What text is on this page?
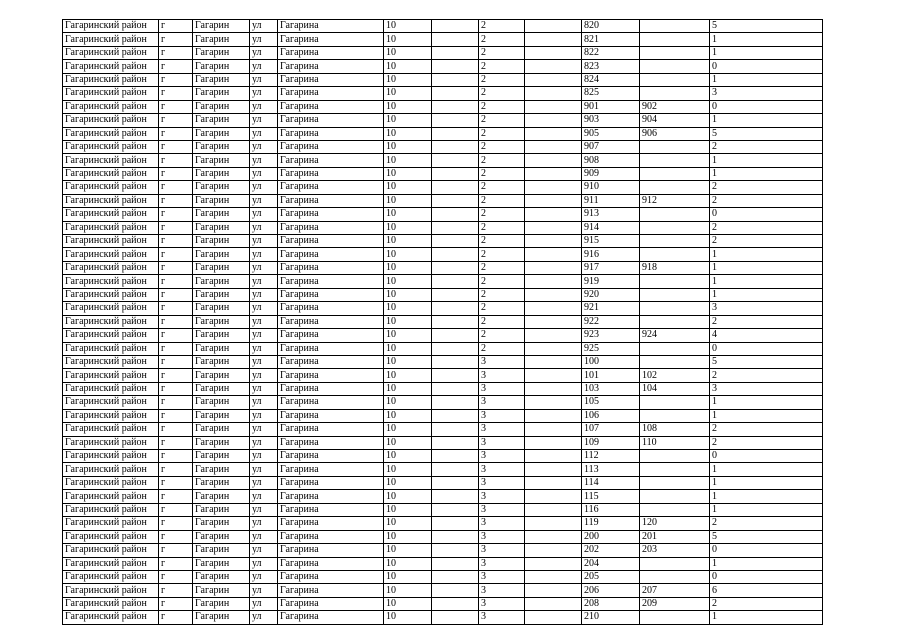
Гагаринский район	г	Гагарин	ул	Гагарина	10		2		820		5
Гагаринский район	г	Гагарин	ул	Гагарина	10		2		821		1
Гагаринский район	г	Гагарин	ул	Гагарина	10		2		822		1
Гагаринский район	г	Гагарин	ул	Гагарина	10		2		823		0
Гагаринский район	г	Гагарин	ул	Гагарина	10		2		824		1
Гагаринский район	г	Гагарин	ул	Гагарина	10		2		825		3
Гагаринский район	г	Гагарин	ул	Гагарина	10		2		901	902	0
Гагаринский район	г	Гагарин	ул	Гагарина	10		2		903	904	1
Гагаринский район	г	Гагарин	ул	Гагарина	10		2		905	906	5
Гагаринский район	г	Гагарин	ул	Гагарина	10		2		907		2
Гагаринский район	г	Гагарин	ул	Гагарина	10		2		908		1
Гагаринский район	г	Гагарин	ул	Гагарина	10		2		909		1
Гагаринский район	г	Гагарин	ул	Гагарина	10		2		910		2
Гагаринский район	г	Гагарин	ул	Гагарина	10		2		911	912	2
Гагаринский район	г	Гагарин	ул	Гагарина	10		2		913		0
Гагаринский район	г	Гагарин	ул	Гагарина	10		2		914		2
Гагаринский район	г	Гагарин	ул	Гагарина	10		2		915		2
Гагаринский район	г	Гагарин	ул	Гагарина	10		2		916		1
Гагаринский район	г	Гагарин	ул	Гагарина	10		2		917	918	1
Гагаринский район	г	Гагарин	ул	Гагарина	10		2		919		1
Гагаринский район	г	Гагарин	ул	Гагарина	10		2		920		1
Гагаринский район	г	Гагарин	ул	Гагарина	10		2		921		3
Гагаринский район	г	Гагарин	ул	Гагарина	10		2		922		2
Гагаринский район	г	Гагарин	ул	Гагарина	10		2		923	924	4
Гагаринский район	г	Гагарин	ул	Гагарина	10		2		925		0
Гагаринский район	г	Гагарин	ул	Гагарина	10		3		100		5
Гагаринский район	г	Гагарин	ул	Гагарина	10		3		101	102	2
Гагаринский район	г	Гагарин	ул	Гагарина	10		3		103	104	3
Гагаринский район	г	Гагарин	ул	Гагарина	10		3		105		1
Гагаринский район	г	Гагарин	ул	Гагарина	10		3		106		1
Гагаринский район	г	Гагарин	ул	Гагарина	10		3		107	108	2
Гагаринский район	г	Гагарин	ул	Гагарина	10		3		109	110	2
Гагаринский район	г	Гагарин	ул	Гагарина	10		3		112		0
Гагаринский район	г	Гагарин	ул	Гагарина	10		3		113		1
Гагаринский район	г	Гагарин	ул	Гагарина	10		3		114		1
Гагаринский район	г	Гагарин	ул	Гагарина	10		3		115		1
Гагаринский район	г	Гагарин	ул	Гагарина	10		3		116		1
Гагаринский район	г	Гагарин	ул	Гагарина	10		3		119	120	2
Гагаринский район	г	Гагарин	ул	Гагарина	10		3		200	201	5
Гагаринский район	г	Гагарин	ул	Гагарина	10		3		202	203	0
Гагаринский район	г	Гагарин	ул	Гагарина	10		3		204		1
Гагаринский район	г	Гагарин	ул	Гагарина	10		3		205		0
Гагаринский район	г	Гагарин	ул	Гагарина	10		3		206	207	6
Гагаринский район	г	Гагарин	ул	Гагарина	10		3		208	209	2
Гагаринский район	г	Гагарин	ул	Гагарина	10		3		210		1
